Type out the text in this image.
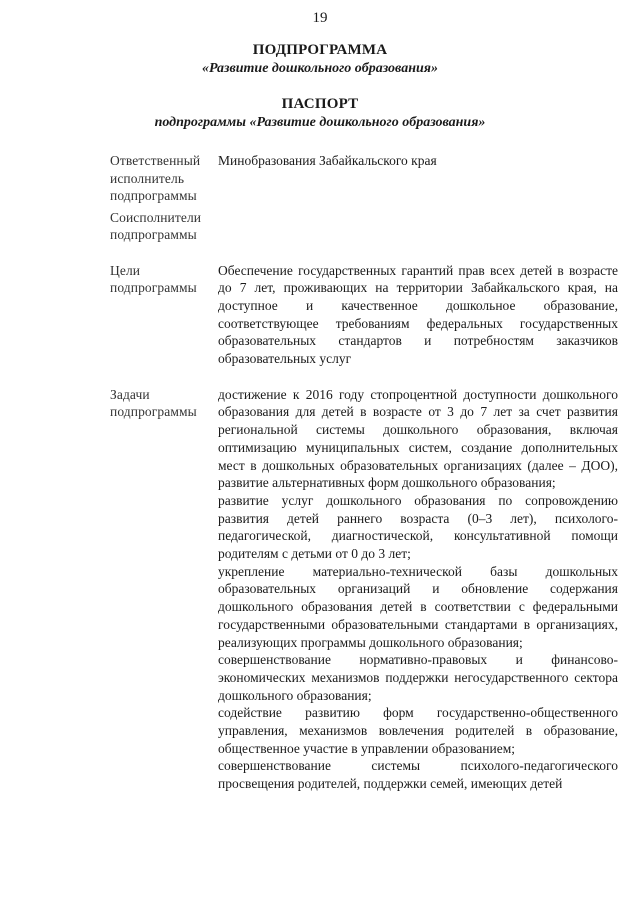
19
ПОДПРОГРАММА
«Развитие дошкольного образования»
ПАСПОРТ
подпрограммы «Развитие дошкольного образования»
Ответственный исполнитель подпрограммы
Минобразования Забайкальского края
Соисполнители подпрограммы
Цели подпрограммы
Обеспечение государственных гарантий прав всех детей в возрасте до 7 лет, проживающих на территории Забайкальского края, на доступное и качественное дошкольное образование, соответствующее требованиям федеральных государственных образовательных стандартов и потребностям заказчиков образовательных услуг
Задачи подпрограммы

достижение к 2016 году стопроцентной доступности дошкольного образования для детей в возрасте от 3 до 7 лет за счет развития региональной системы дошкольного образования, включая оптимизацию муниципальных систем, создание дополнительных мест в дошкольных образовательных организациях (далее – ДОО), развитие альтернативных форм дошкольного образования;

развитие услуг дошкольного образования по сопровождению развития детей раннего возраста (0–3 лет), психолого-педагогической, диагностической, консультативной помощи родителям с детьми от 0 до 3 лет;

укрепление материально-технической базы дошкольных образовательных организаций и обновление содержания дошкольного образования детей в соответствии с федеральными государственными образовательными стандартами в организациях, реализующих программы дошкольного образования;

совершенствование нормативно-правовых и финансово-экономических механизмов поддержки негосударственного сектора дошкольного образования;

содействие развитию форм государственно-общественного управления, механизмов вовлечения родителей в образование, общественное участие в управлении образованием;

совершенствование системы психолого-педагогического просвещения родителей, поддержки семей, имеющих детей
